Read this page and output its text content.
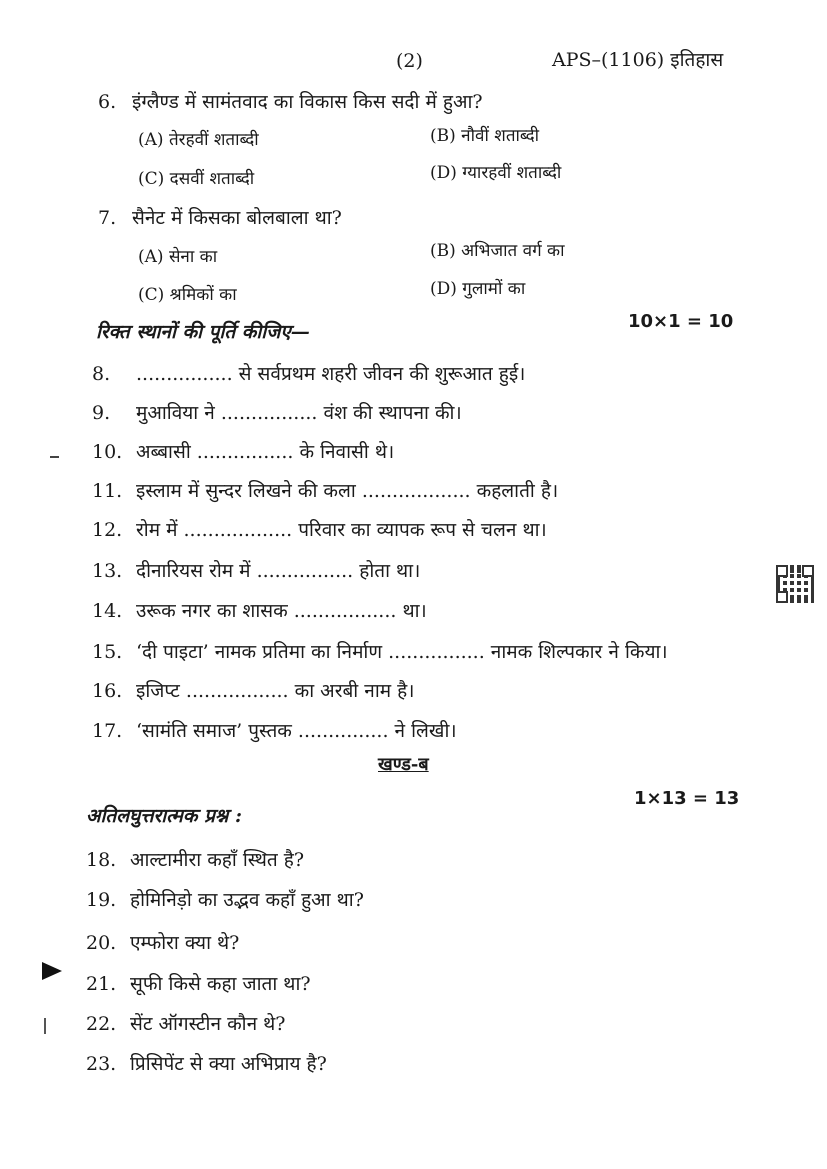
(2)	APS–(1106) इतिहास
6. इंग्लैण्ड में सामंतवाद का विकास किस सदी में हुआ?
(A) तेरहवीं शताब्दी	(B) नौवीं शताब्दी
(C) दसवीं शताब्दी	(D) ग्यारहवीं शताब्दी
7. सैनेट में किसका बोलबाला था?
(A) सेना का	(B) अभिजात वर्ग का
(C) श्रमिकों का	(D) गुलामों का
रिक्त स्थानों की पूर्ति कीजिए—	10×1 = 10
8. ................ से सर्वप्रथम शहरी जीवन की शुरूआत हुई।
9. मुआविया ने ................ वंश की स्थापना की।
10. अब्बासी ................ के निवासी थे।
11. इस्लाम में सुन्दर लिखने की कला .................. कहलाती है।
12. रोम में .................. परिवार का व्यापक रूप से चलन था।
13. दीनारियस रोम में ................ होता था।
14. उरूक नगर का शासक ................. था।
15. ‘दी पाइटा’ नामक प्रतिमा का निर्माण ................ नामक शिल्पकार ने किया।
16. इजिप्ट ................. का अरबी नाम है।
17. ‘सामंति समाज’ पुस्तक ............... ने लिखी।
खण्ड-ब
अतिलघुत्तरात्मक प्रश्न :
1×13 = 13
18. आल्टामीरा कहाँ स्थित है?
19. होमिनिड़ो का उद्भव कहाँ हुआ था?
20. एम्फोरा क्या थे?
21. सूफी किसे कहा जाता था?
22. सेंट ऑगस्टीन कौन थे?
23. प्रिसिपेंट से क्या अभिप्राय है?
